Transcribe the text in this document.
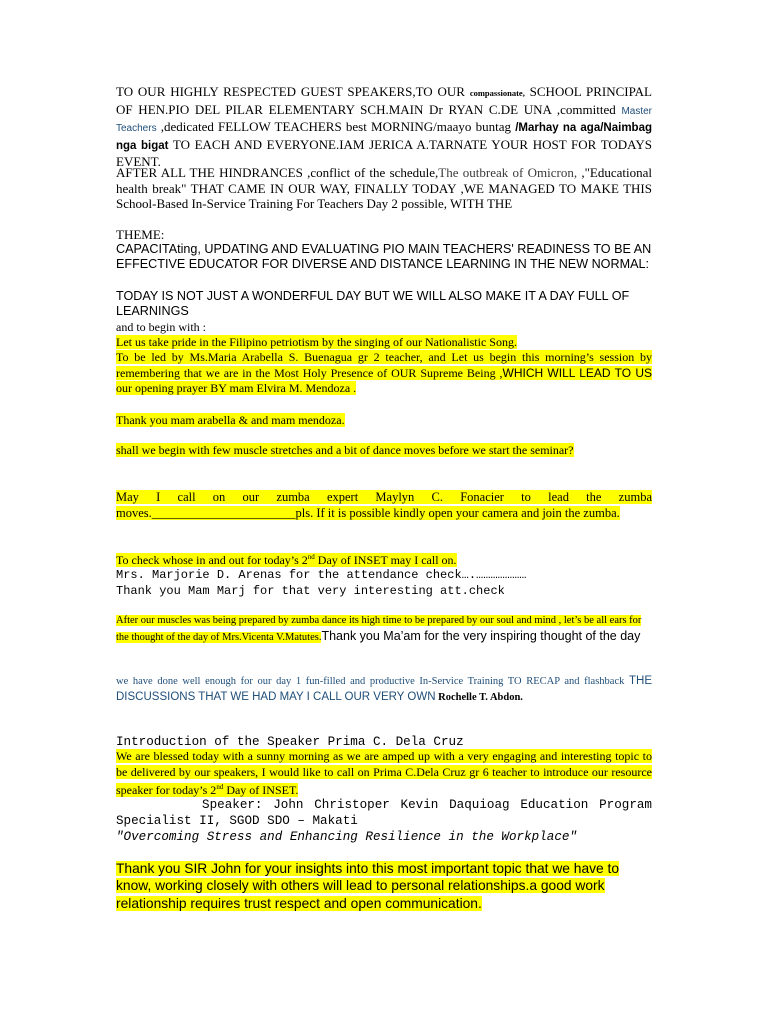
TO OUR HIGHLY RESPECTED GUEST SPEAKERS,TO OUR compassionate, SCHOOL PRINCIPAL OF HEN.PIO DEL PILAR ELEMENTARY SCH.MAIN Dr RYAN C.DE UNA ,committed Master Teachers ,dedicated FELLOW TEACHERS best MORNING/maayo buntag /Marhay na aga/Naimbag nga bigat TO EACH AND EVERYONE.IAM JERICA A.TARNATE YOUR HOST FOR TODAYS EVENT.

AFTER ALL THE HINDRANCES ,conflict of the schedule,The outbreak of Omicron, ,"Educational health break" THAT CAME IN OUR WAY, FINALLY TODAY ,WE MANAGED TO MAKE THIS School-Based In-Service Training For Teachers Day 2 possible, WITH THE

THEME:

CAPACITAting, UPDATING AND EVALUATING PIO MAIN TEACHERS' READINESS TO BE AN EFFECTIVE EDUCATOR FOR DIVERSE AND DISTANCE LEARNING IN THE NEW NORMAL:

TODAY IS NOT JUST A WONDERFUL DAY BUT WE WILL ALSO MAKE IT A DAY FULL OF LEARNINGS

and to begin with :

Let us take pride in the Filipino petriotism by the singing of our Nationalistic Song.

To be led by Ms.Maria Arabella S. Buenagua gr 2 teacher, and Let us begin this morning’s session by remembering that we are in the Most Holy Presence of OUR Supreme Being ,WHICH WILL LEAD TO US our opening prayer BY mam Elvira M. Mendoza .

Thank you mam arabella & and mam mendoza.

shall we begin with few muscle stretches and a bit of dance moves before we start the seminar?

May I call on our zumba expert Maylyn C. Fonacier to lead the zumba moves._______________________pls. If it is possible kindly open your camera and join the zumba.

To check whose in and out for today’s 2nd Day of INSET may I call on.

Mrs. Marjorie D. Arenas for the attendance check….…………………

Thank you Mam Marj for that very interesting att.check

After our muscles was being prepared by zumba dance its high time to be prepared by our soul and mind , let’s be all ears for the thought of the day of Mrs.Vicenta V.Matutes.Thank you Ma’am for the very inspiring thought of the day

we have done well enough for our day 1 fun-filled and productive In-Service Training TO RECAP and flashback THE DISCUSSIONS THAT WE HAD MAY I CALL OUR VERY OWN Rochelle T. Abdon.

Introduction of the Speaker Prima C. Dela Cruz

We are blessed today with a sunny morning as we are amped up with a very engaging and interesting topic to be delivered by our speakers, I would like to call on Prima C.Dela Cruz gr 6 teacher to introduce our resource speaker for today’s 2nd Day of INSET.

Speaker: John Christoper Kevin Daquioag Education Program Specialist II, SGOD SDO – Makati

"Overcoming Stress and Enhancing Resilience in the Workplace"

Thank you SIR John for your insights into this most important topic that we have to know, working closely with others will lead to personal relationships.a good work relationship requires trust respect and open communication.
